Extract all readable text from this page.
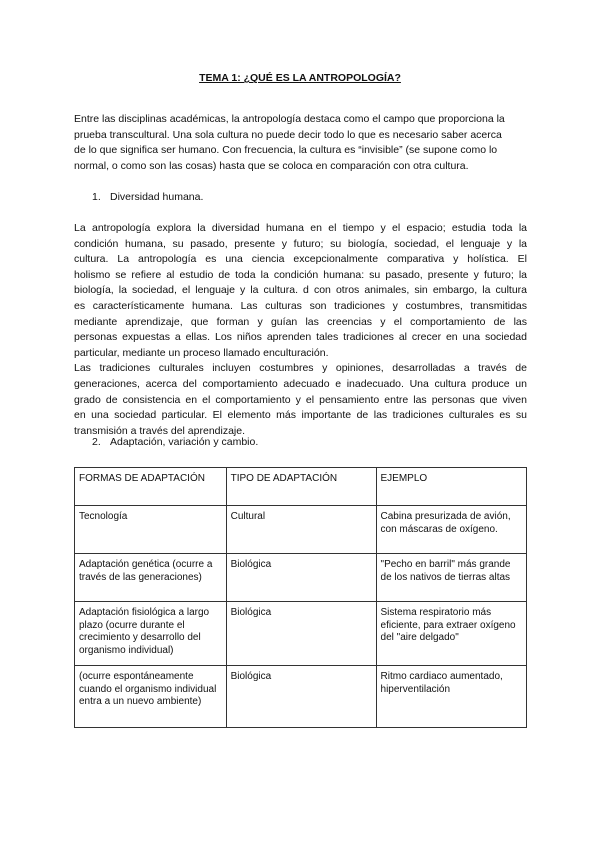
TEMA 1: ¿QUÉ ES LA ANTROPOLOGÍA?
Entre las disciplinas académicas, la antropología destaca como el campo que proporciona la
prueba transcultural. Una sola cultura no puede decir todo lo que es necesario saber acerca
de lo que significa ser humano. Con frecuencia, la cultura es “invisible” (se supone como lo
normal, o como son las cosas) hasta que se coloca en comparación con otra cultura.
1. Diversidad humana.
La antropología explora la diversidad humana en el tiempo y el espacio; estudia toda la
condición humana, su pasado, presente y futuro; su biología, sociedad, el lenguaje y la
cultura. La antropología es una ciencia excepcionalmente comparativa y holística. El
holismo se refiere al estudio de toda la condición humana: su pasado, presente y futuro; la
biología, la sociedad, el lenguaje y la cultura. d con otros animales, sin embargo, la cultura
es característicamente humana. Las culturas son tradiciones y costumbres, transmitidas
mediante aprendizaje, que forman y guían las creencias y el comportamiento de las
personas expuestas a ellas. Los niños aprenden tales tradiciones al crecer en una sociedad
particular, mediante un proceso llamado enculturación.
Las tradiciones culturales incluyen costumbres y opiniones, desarrolladas a través de
generaciones, acerca del comportamiento adecuado e inadecuado. Una cultura produce un
grado de consistencia en el comportamiento y el pensamiento entre las personas que viven
en una sociedad particular. El elemento más importante de las tradiciones culturales es su
transmisión a través del aprendizaje.
2. Adaptación, variación y cambio.
FORMAS DE ADAPTACIÓN	TIPO DE ADAPTACIÓN	EJEMPLO
Tecnología	Cultural	Cabina presurizada de avión, con máscaras de oxígeno.
Adaptación genética (ocurre a través de las generaciones)	Biológica	"Pecho en barril" más grande de los nativos de tierras altas
Adaptación fisiológica a largo plazo (ocurre durante el crecimiento y desarrollo del organismo individual)	Biológica	Sistema respiratorio más eficiente, para extraer oxígeno del "aire delgado"
(ocurre espontáneamente cuando el organismo individual entra a un nuevo ambiente)	Biológica	Ritmo cardiaco aumentado, hiperventilación
